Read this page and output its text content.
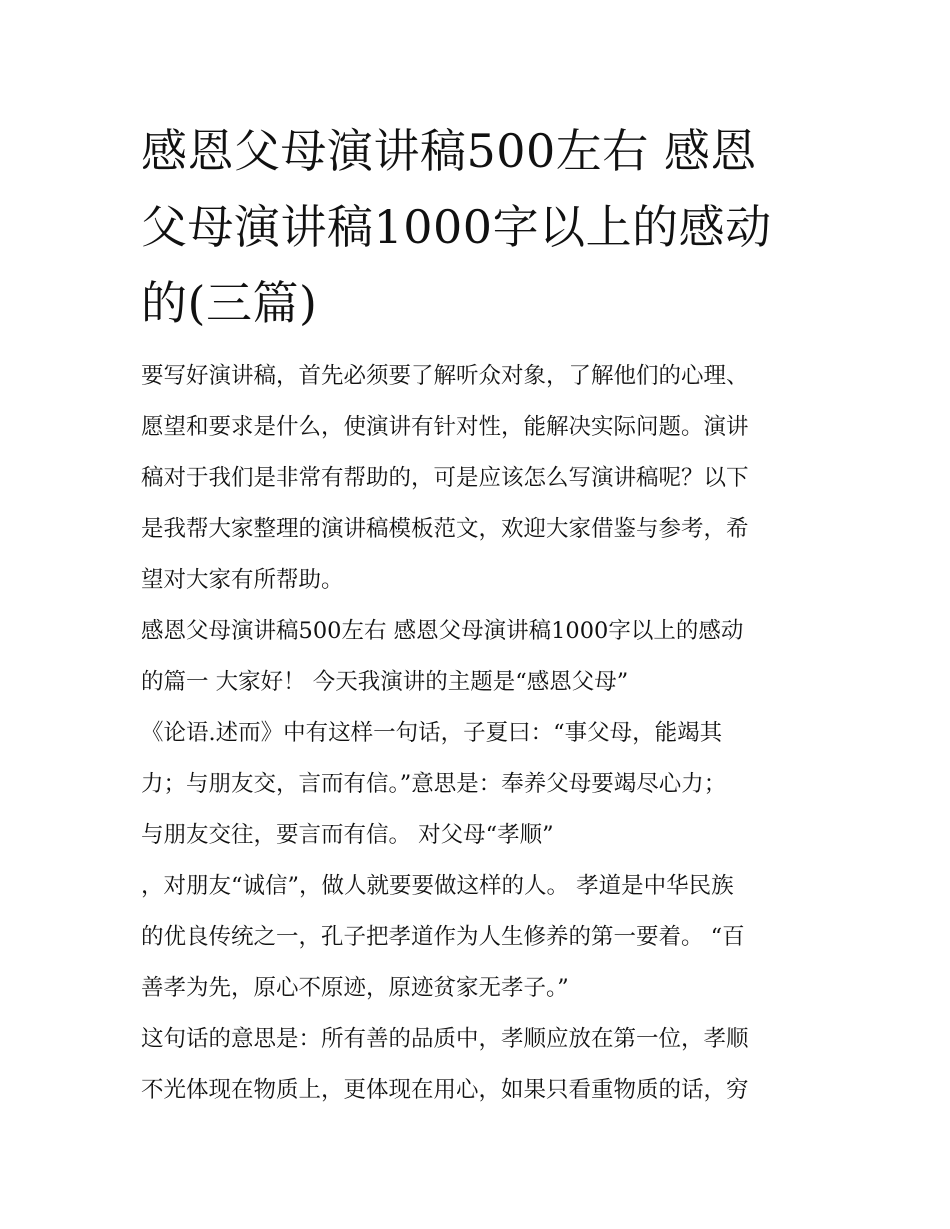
感恩父母演讲稿500左右 感恩
父母演讲稿1000字以上的感动
的(三篇)
要写好演讲稿，首先必须要了解听众对象，了解他们的心理、
愿望和要求是什么，使演讲有针对性，能解决实际问题。演讲
稿对于我们是非常有帮助的，可是应该怎么写演讲稿呢？以下
是我帮大家整理的演讲稿模板范文，欢迎大家借鉴与参考，希
望对大家有所帮助。
感恩父母演讲稿500左右 感恩父母演讲稿1000字以上的感动
的篇一 大家好！ 今天我演讲的主题是“感恩父母”
《论语.述而》中有这样一句话，子夏曰：“事父母，能竭其
力；与朋友交，言而有信。”意思是：奉养父母要竭尽心力；
与朋友交往，要言而有信。 对父母“孝顺”
，对朋友“诚信”，做人就要要做这样的人。 孝道是中华民族
的优良传统之一，孔子把孝道作为人生修养的第一要着。 “百
善孝为先，原心不原迹，原迹贫家无孝子。”
这句话的意思是：所有善的品质中，孝顺应放在第一位，孝顺
不光体现在物质上，更体现在用心，如果只看重物质的话，穷
